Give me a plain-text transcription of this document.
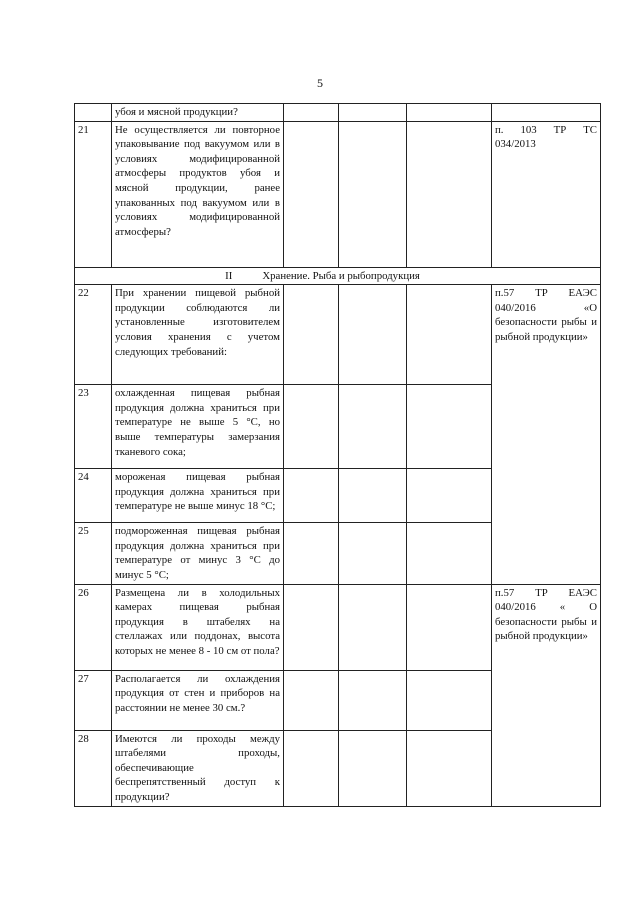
5
	убоя и мясной продукции?				
21	Не осуществляется ли повторное упаковывание под вакуумом или в условиях модифицированной атмосферы продуктов убоя и мясной продукции, ранее упакованных под вакуумом или в условиях модифицированной атмосферы?				п. 103 ТР ТС 034/2013
II Хранение. Рыба и рыбопродукция					
22	При хранении пищевой рыбной продукции соблюдаются ли установленные изготовителем условия хранения с учетом следующих требований:				п.57 ТР ЕАЭС 040/2016 «О безопасности рыбы и рыбной продукции»
23	охлажденная пищевая рыбная продукция должна храниться при температуре не выше 5 °С, но выше температуры замерзания тканевого сока;				
24	мороженая пищевая рыбная продукция должна храниться при температуре не выше минус 18 °С;				
25	подмороженная пищевая рыбная продукция должна храниться при температуре от минус 3 °С до минус 5 °С;				
26	Размещена ли в холодильных камерах пищевая рыбная продукция в штабелях на стеллажах или поддонах, высота которых не менее 8 - 10 см от пола?				п.57 ТР ЕАЭС 040/2016 « О безопасности рыбы и рыбной продукции»
27	Располагается ли охлаждения продукция от стен и приборов на расстоянии не менее 30 см.?				
28	Имеются ли проходы между штабелями проходы, обеспечивающие беспрепятственный доступ к продукции?				
